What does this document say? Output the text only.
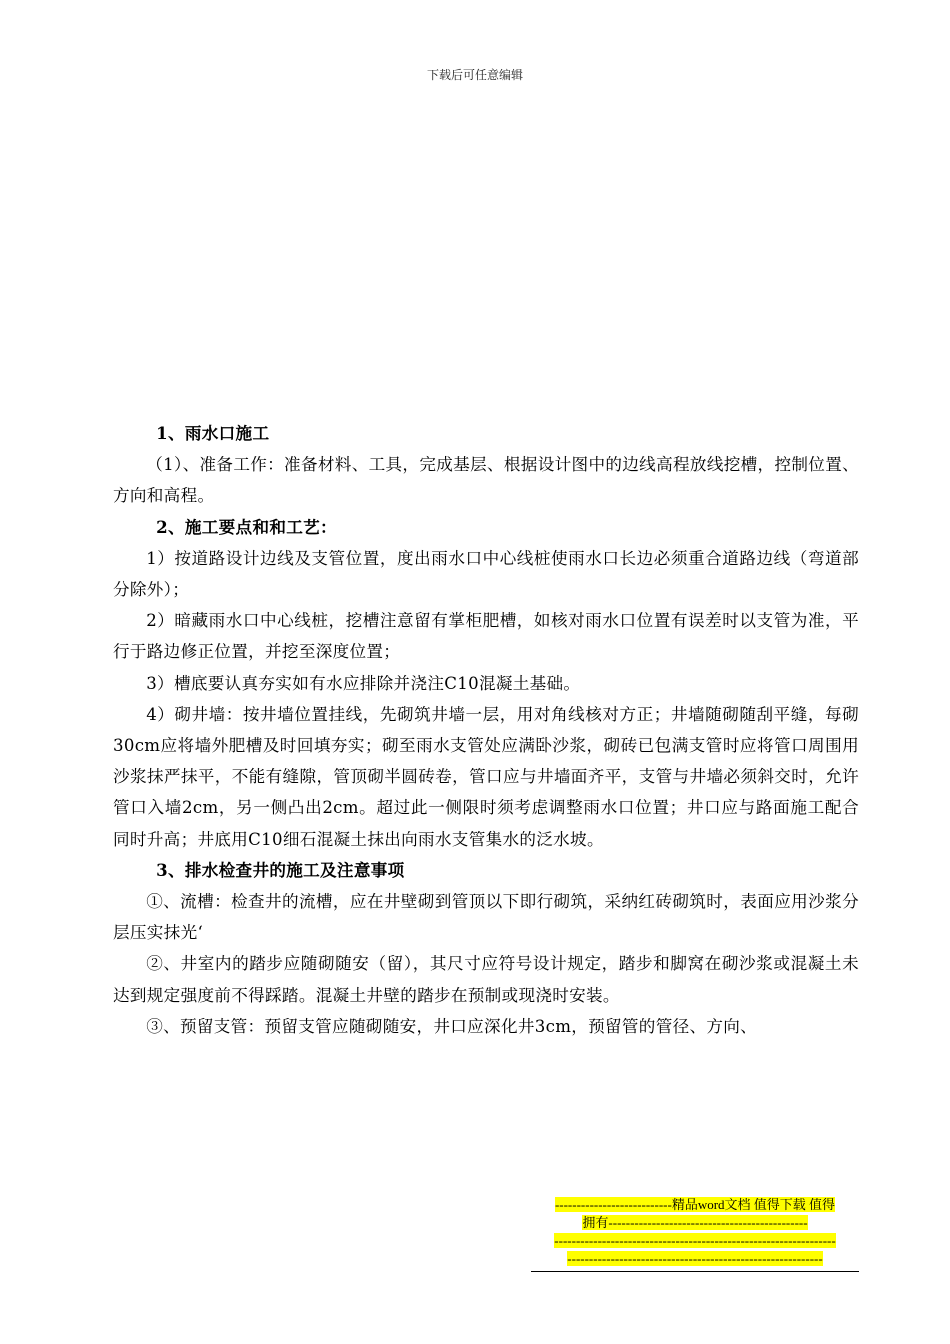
下载后可任意编辑

1、雨水口施工

（1）、准备工作：准备材料、工具，完成基层、根据设计图中的边线高程放线挖槽，控制位置、方向和高程。

2、施工要点和和工艺：

1）按道路设计边线及支管位置，度出雨水口中心线桩使雨水口长边必须重合道路边线（弯道部分除外）；

2）暗藏雨水口中心线桩，挖槽注意留有掌柜肥槽，如核对雨水口位置有误差时以支管为准，平行于路边修正位置，并挖至深度位置；

3）槽底要认真夯实如有水应排除并浇注C10混凝土基础。

4）砌井墙：按井墙位置挂线，先砌筑井墙一层，用对角线核对方正；井墙随砌随刮平缝，每砌30cm应将墙外肥槽及时回填夯实；砌至雨水支管处应满卧沙浆，砌砖已包满支管时应将管口周围用沙浆抹严抹平，不能有缝隙，管顶砌半圆砖卷，管口应与井墙面齐平，支管与井墙必须斜交时，允许管口入墙2cm，另一侧凸出2cm。超过此一侧限时须考虑调整雨水口位置；井口应与路面施工配合同时升高；井底用C10细石混凝土抹出向雨水支管集水的泛水坡。

3、排水检查井的施工及注意事项

①、流槽：检查井的流槽，应在井壁砌到管顶以下即行砌筑，采纳红砖砌筑时，表面应用沙浆分层压实抹光‘

②、井室内的踏步应随砌随安（留），其尺寸应符号设计规定，踏步和脚窝在砌沙浆或混凝土未达到规定强度前不得踩踏。混凝土井壁的踏步在预制或现浇时安装。

③、预留支管：预留支管应随砌随安，井口应深化井3cm，预留管的管径、方向、

---------------------------精品word文档 值得下载 值得
拥有----------------------------------------------
-----------------------------------------------------------------
-----------------------------------------------------------
